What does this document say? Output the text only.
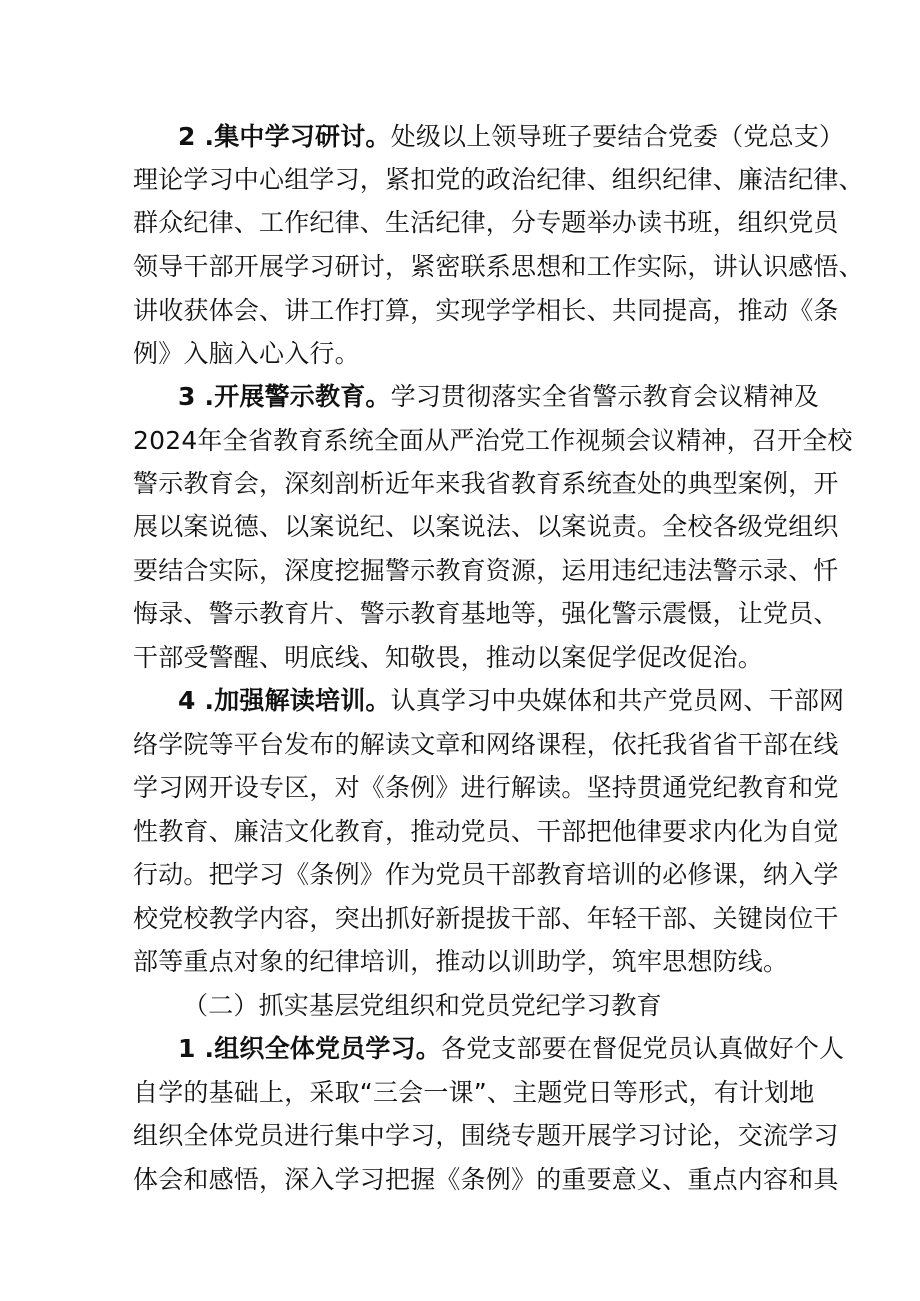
2 .集中学习研讨。处级以上领导班子要结合党委（党总支）
理论学习中心组学习，紧扣党的政治纪律、组织纪律、廉洁纪律、
群众纪律、工作纪律、生活纪律，分专题举办读书班，组织党员
领导干部开展学习研讨，紧密联系思想和工作实际，讲认识感悟、
讲收获体会、讲工作打算，实现学学相长、共同提高，推动《条
例》入脑入心入行。
3 .开展警示教育。学习贯彻落实全省警示教育会议精神及
2024年全省教育系统全面从严治党工作视频会议精神，召开全校
警示教育会，深刻剖析近年来我省教育系统查处的典型案例，开
展以案说德、以案说纪、以案说法、以案说责。全校各级党组织
要结合实际，深度挖掘警示教育资源，运用违纪违法警示录、忏
悔录、警示教育片、警示教育基地等，强化警示震慑，让党员、
干部受警醒、明底线、知敬畏，推动以案促学促改促治。
4 .加强解读培训。认真学习中央媒体和共产党员网、干部网
络学院等平台发布的解读文章和网络课程，依托我省省干部在线
学习网开设专区，对《条例》进行解读。坚持贯通党纪教育和党
性教育、廉洁文化教育，推动党员、干部把他律要求内化为自觉
行动。把学习《条例》作为党员干部教育培训的必修课，纳入学
校党校教学内容，突出抓好新提拔干部、年轻干部、关键岗位干
部等重点对象的纪律培训，推动以训助学，筑牢思想防线。
（二）抓实基层党组织和党员党纪学习教育
1 .组织全体党员学习。各党支部要在督促党员认真做好个人
自学的基础上，采取“三会一课”、主题党日等形式，有计划地
组织全体党员进行集中学习，围绕专题开展学习讨论，交流学习
体会和感悟，深入学习把握《条例》的重要意义、重点内容和具
